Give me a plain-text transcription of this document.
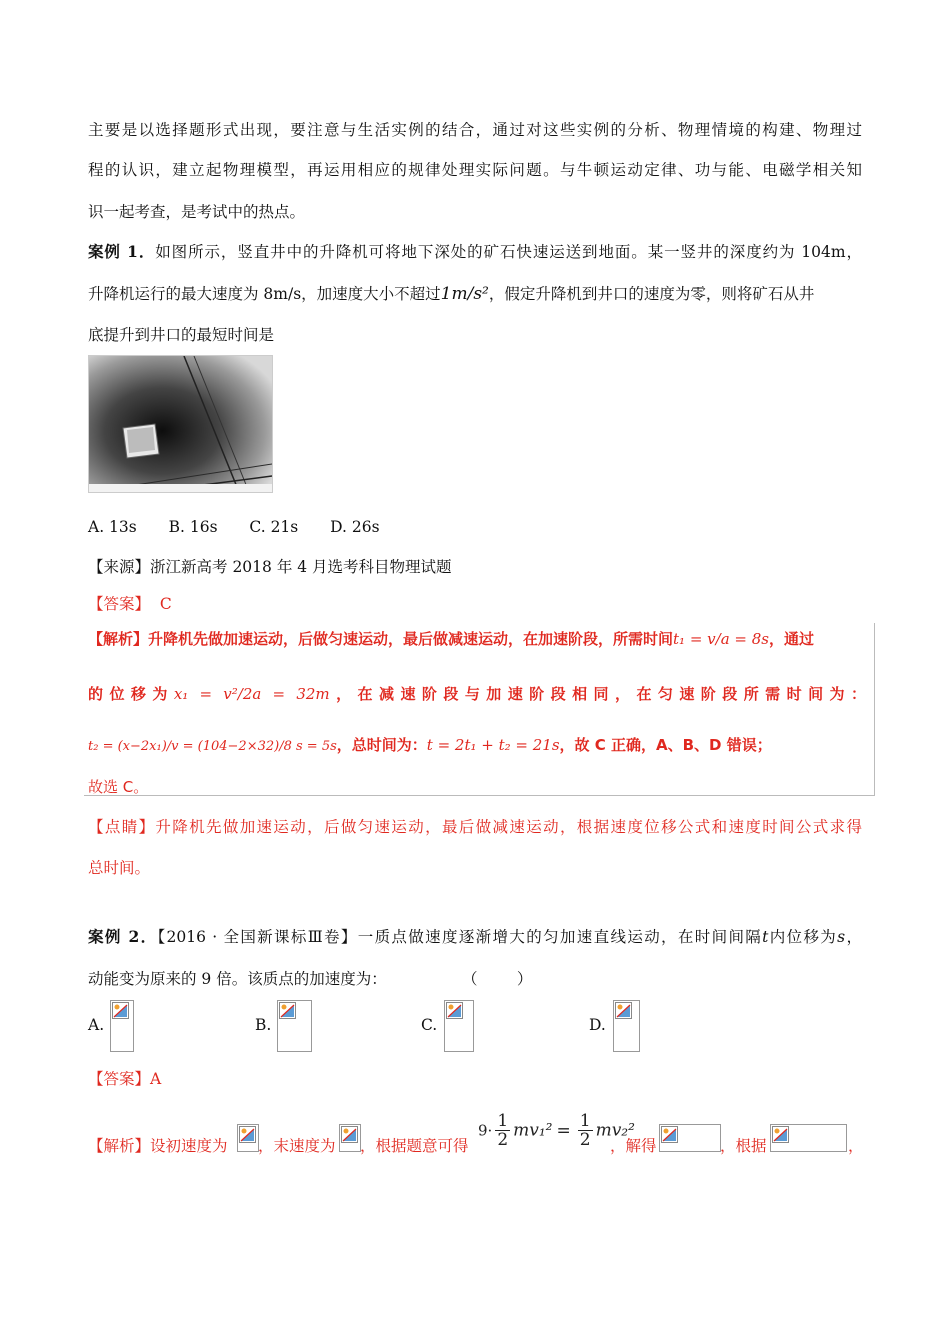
主要是以选择题形式出现，要注意与生活实例的结合，通过对这些实例的分析、物理情境的构建、物理过
程的认识，建立起物理模型，再运用相应的规律处理实际问题。与牛顿运动定律、功与能、电磁学相关知
识一起考查，是考试中的热点。
案例 1．如图所示，竖直井中的升降机可将地下深处的矿石快速运送到地面。某一竖井的深度约为 104m，
升降机运行的最大速度为 8m/s，加速度大小不超过1m/s²，假定升降机到井口的速度为零，则将矿石从井
底提升到井口的最短时间是
A. 13s B. 16s C. 21s D. 26s
【来源】浙江新高考 2018 年 4 月选考科目物理试题
【答案】 C
【解析】升降机先做加速运动，后做匀速运动，最后做减速运动，在加速阶段，所需时间t₁ = v/a = 8s，通过
的位移为x₁ = v²/2a = 32m，在减速阶段与加速阶段相同，在匀速阶段所需时间为：
t₂ = (x−2x₁)/v = (104−2×32)/8 s = 5s，总时间为：t = 2t₁ + t₂ = 21s，故 C 正确，A、B、D 错误；
故选 C。
【点睛】升降机先做加速运动，后做匀速运动，最后做减速运动，根据速度位移公式和速度时间公式求得
总时间。
案例 2．【2016 · 全国新课标Ⅲ卷】一质点做速度逐渐增大的匀加速直线运动，在时间间隔t内位移为s，
动能变为原来的 9 倍。该质点的加速度为：	（        ）
A.	B.	C.	D.
【答案】A
【解析】设初速度为 ，末速度为 ，根据题意可得
$9\cdot \frac{1}{2} mv_1^2 = \frac{1}{2} mv_2^2$
，解得	，根据	，
